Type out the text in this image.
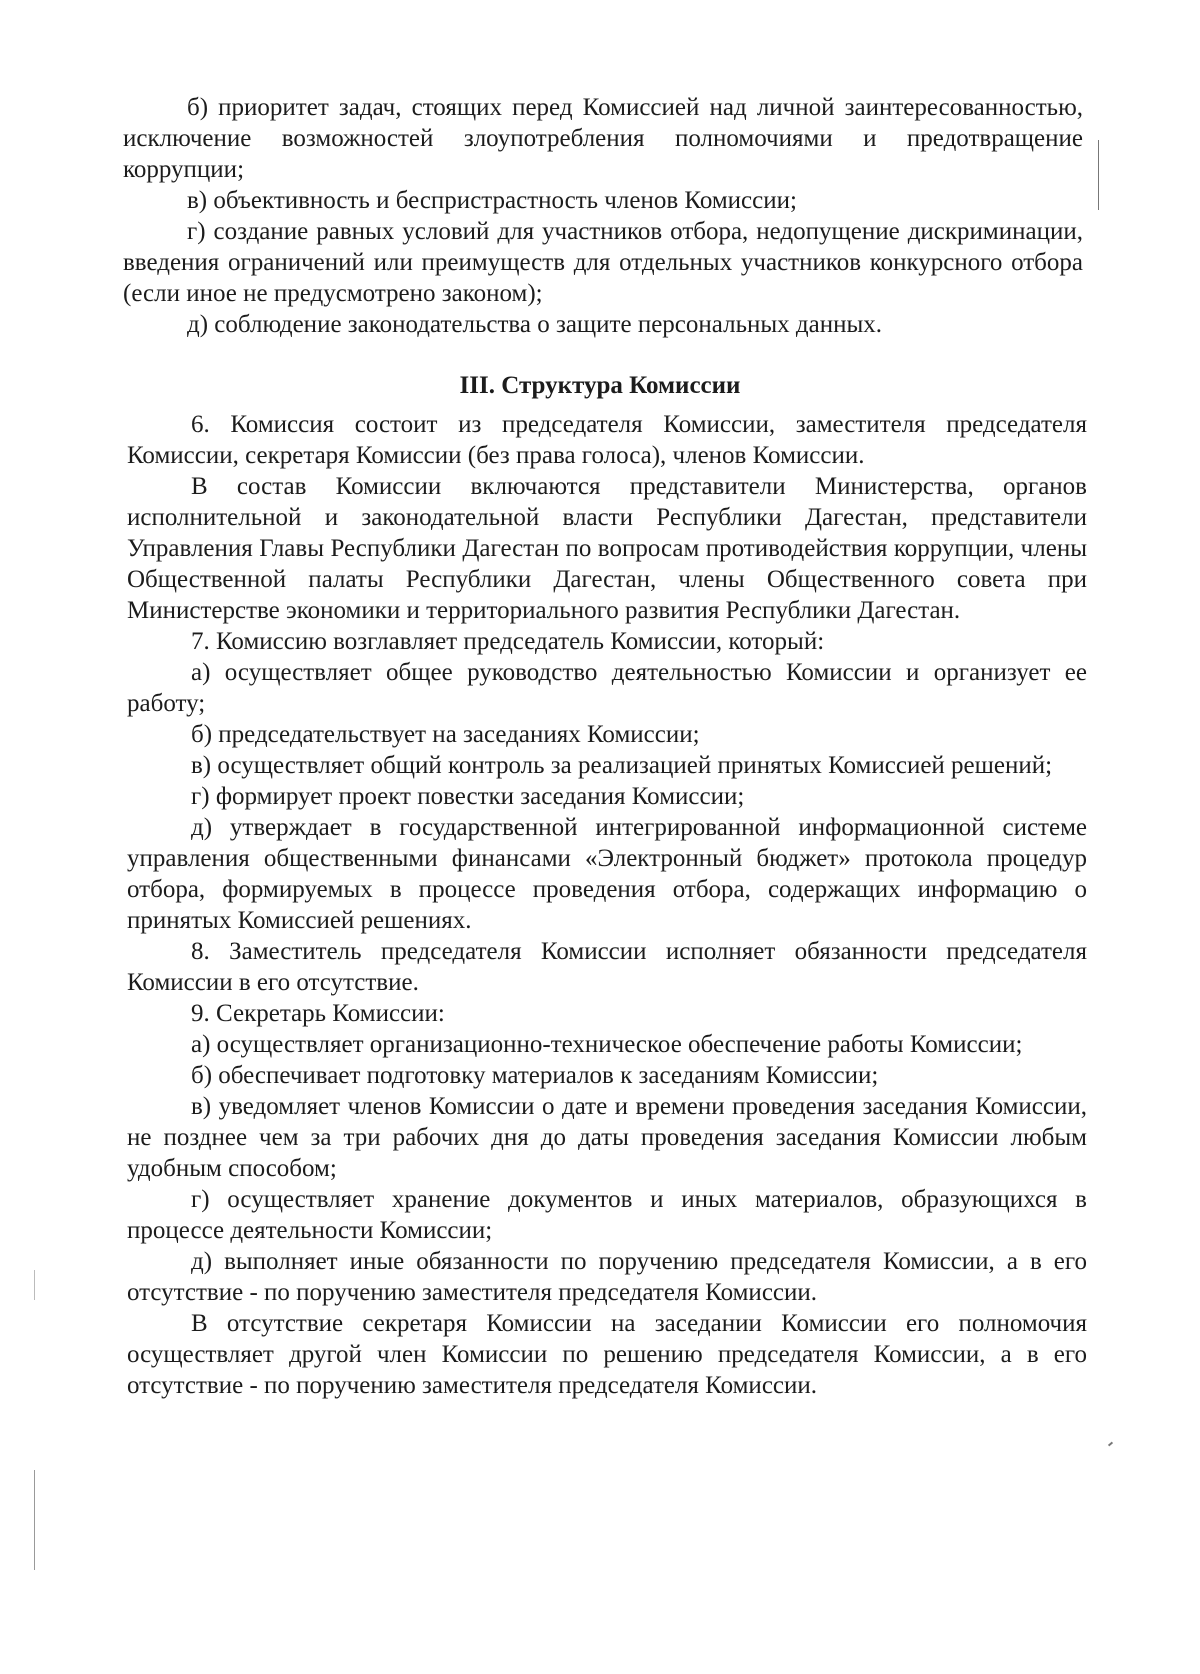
б) приоритет задач, стоящих перед Комиссией над личной заинтересованностью, исключение возможностей злоупотребления полномочиями и предотвращение коррупции;

в) объективность и беспристрастность членов Комиссии;

г) создание равных условий для участников отбора, недопущение дискриминации, введения ограничений или преимуществ для отдельных участников конкурсного отбора (если иное не предусмотрено законом);

д) соблюдение законодательства о защите персональных данных.

III. Структура Комиссии

6. Комиссия состоит из председателя Комиссии, заместителя председателя Комиссии, секретаря Комиссии (без права голоса), членов Комиссии.

В состав Комиссии включаются представители Министерства, органов исполнительной и законодательной власти Республики Дагестан, представители Управления Главы Республики Дагестан по вопросам противодействия коррупции, члены Общественной палаты Республики Дагестан, члены Общественного совета при Министерстве экономики и территориального развития Республики Дагестан.

7. Комиссию возглавляет председатель Комиссии, который:

а) осуществляет общее руководство деятельностью Комиссии и организует ее работу;

б) председательствует на заседаниях Комиссии;

в) осуществляет общий контроль за реализацией принятых Комиссией решений;

г) формирует проект повестки заседания Комиссии;

д) утверждает в государственной интегрированной информационной системе управления общественными финансами «Электронный бюджет» протокола процедур отбора, формируемых в процессе проведения отбора, содержащих информацию о принятых Комиссией решениях.

8. Заместитель председателя Комиссии исполняет обязанности председателя Комиссии в его отсутствие.

9. Секретарь Комиссии:

а) осуществляет организационно-техническое обеспечение работы Комиссии;

б) обеспечивает подготовку материалов к заседаниям Комиссии;

в) уведомляет членов Комиссии о дате и времени проведения заседания Комиссии, не позднее чем за три рабочих дня до даты проведения заседания Комиссии любым удобным способом;

г) осуществляет хранение документов и иных материалов, образующихся в процессе деятельности Комиссии;

д) выполняет иные обязанности по поручению председателя Комиссии, а в его отсутствие - по поручению заместителя председателя Комиссии.

В отсутствие секретаря Комиссии на заседании Комиссии его полномочия осуществляет другой член Комиссии по решению председателя Комиссии, а в его отсутствие - по поручению заместителя председателя Комиссии.
